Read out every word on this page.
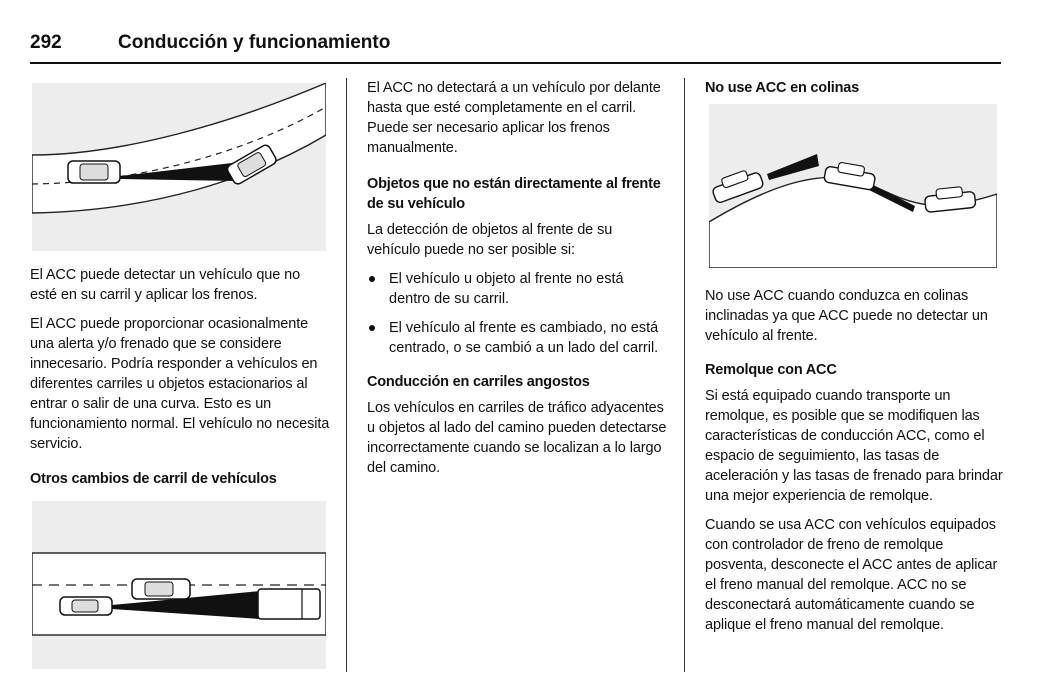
292	Conducción y funcionamiento

El ACC puede detectar un vehículo que no esté en su carril y aplicar los frenos.

El ACC puede proporcionar ocasionalmente una alerta y/o frenado que se considere innecesario. Podría responder a vehículos en diferentes carriles u objetos estacionarios al entrar o salir de una curva. Esto es un funcionamiento normal. El vehículo no necesita servicio.

Otros cambios de carril de vehículos

El ACC no detectará a un vehículo por delante hasta que esté completamente en el carril. Puede ser necesario aplicar los frenos manualmente.

Objetos que no están directamente al frente de su vehículo

La detección de objetos al frente de su vehículo puede no ser posible si:

El vehículo u objeto al frente no está dentro de su carril.
El vehículo al frente es cambiado, no está centrado, o se cambió a un lado del carril.
Conducción en carriles angostos

Los vehículos en carriles de tráfico adyacentes u objetos al lado del camino pueden detectarse incorrectamente cuando se localizan a lo largo del camino.

No use ACC en colinas

No use ACC cuando conduzca en colinas inclinadas ya que ACC puede no detectar un vehículo al frente.

Remolque con ACC

Si está equipado cuando transporte un remolque, es posible que se modifiquen las características de conducción ACC, como el espacio de seguimiento, las tasas de aceleración y las tasas de frenado para brindar una mejor experiencia de remolque.

Cuando se usa ACC con vehículos equipados con controlador de freno de remolque posventa, desconecte el ACC antes de aplicar el freno manual del remolque. ACC no se desconectará automáticamente cuando se aplique el freno manual del remolque.
